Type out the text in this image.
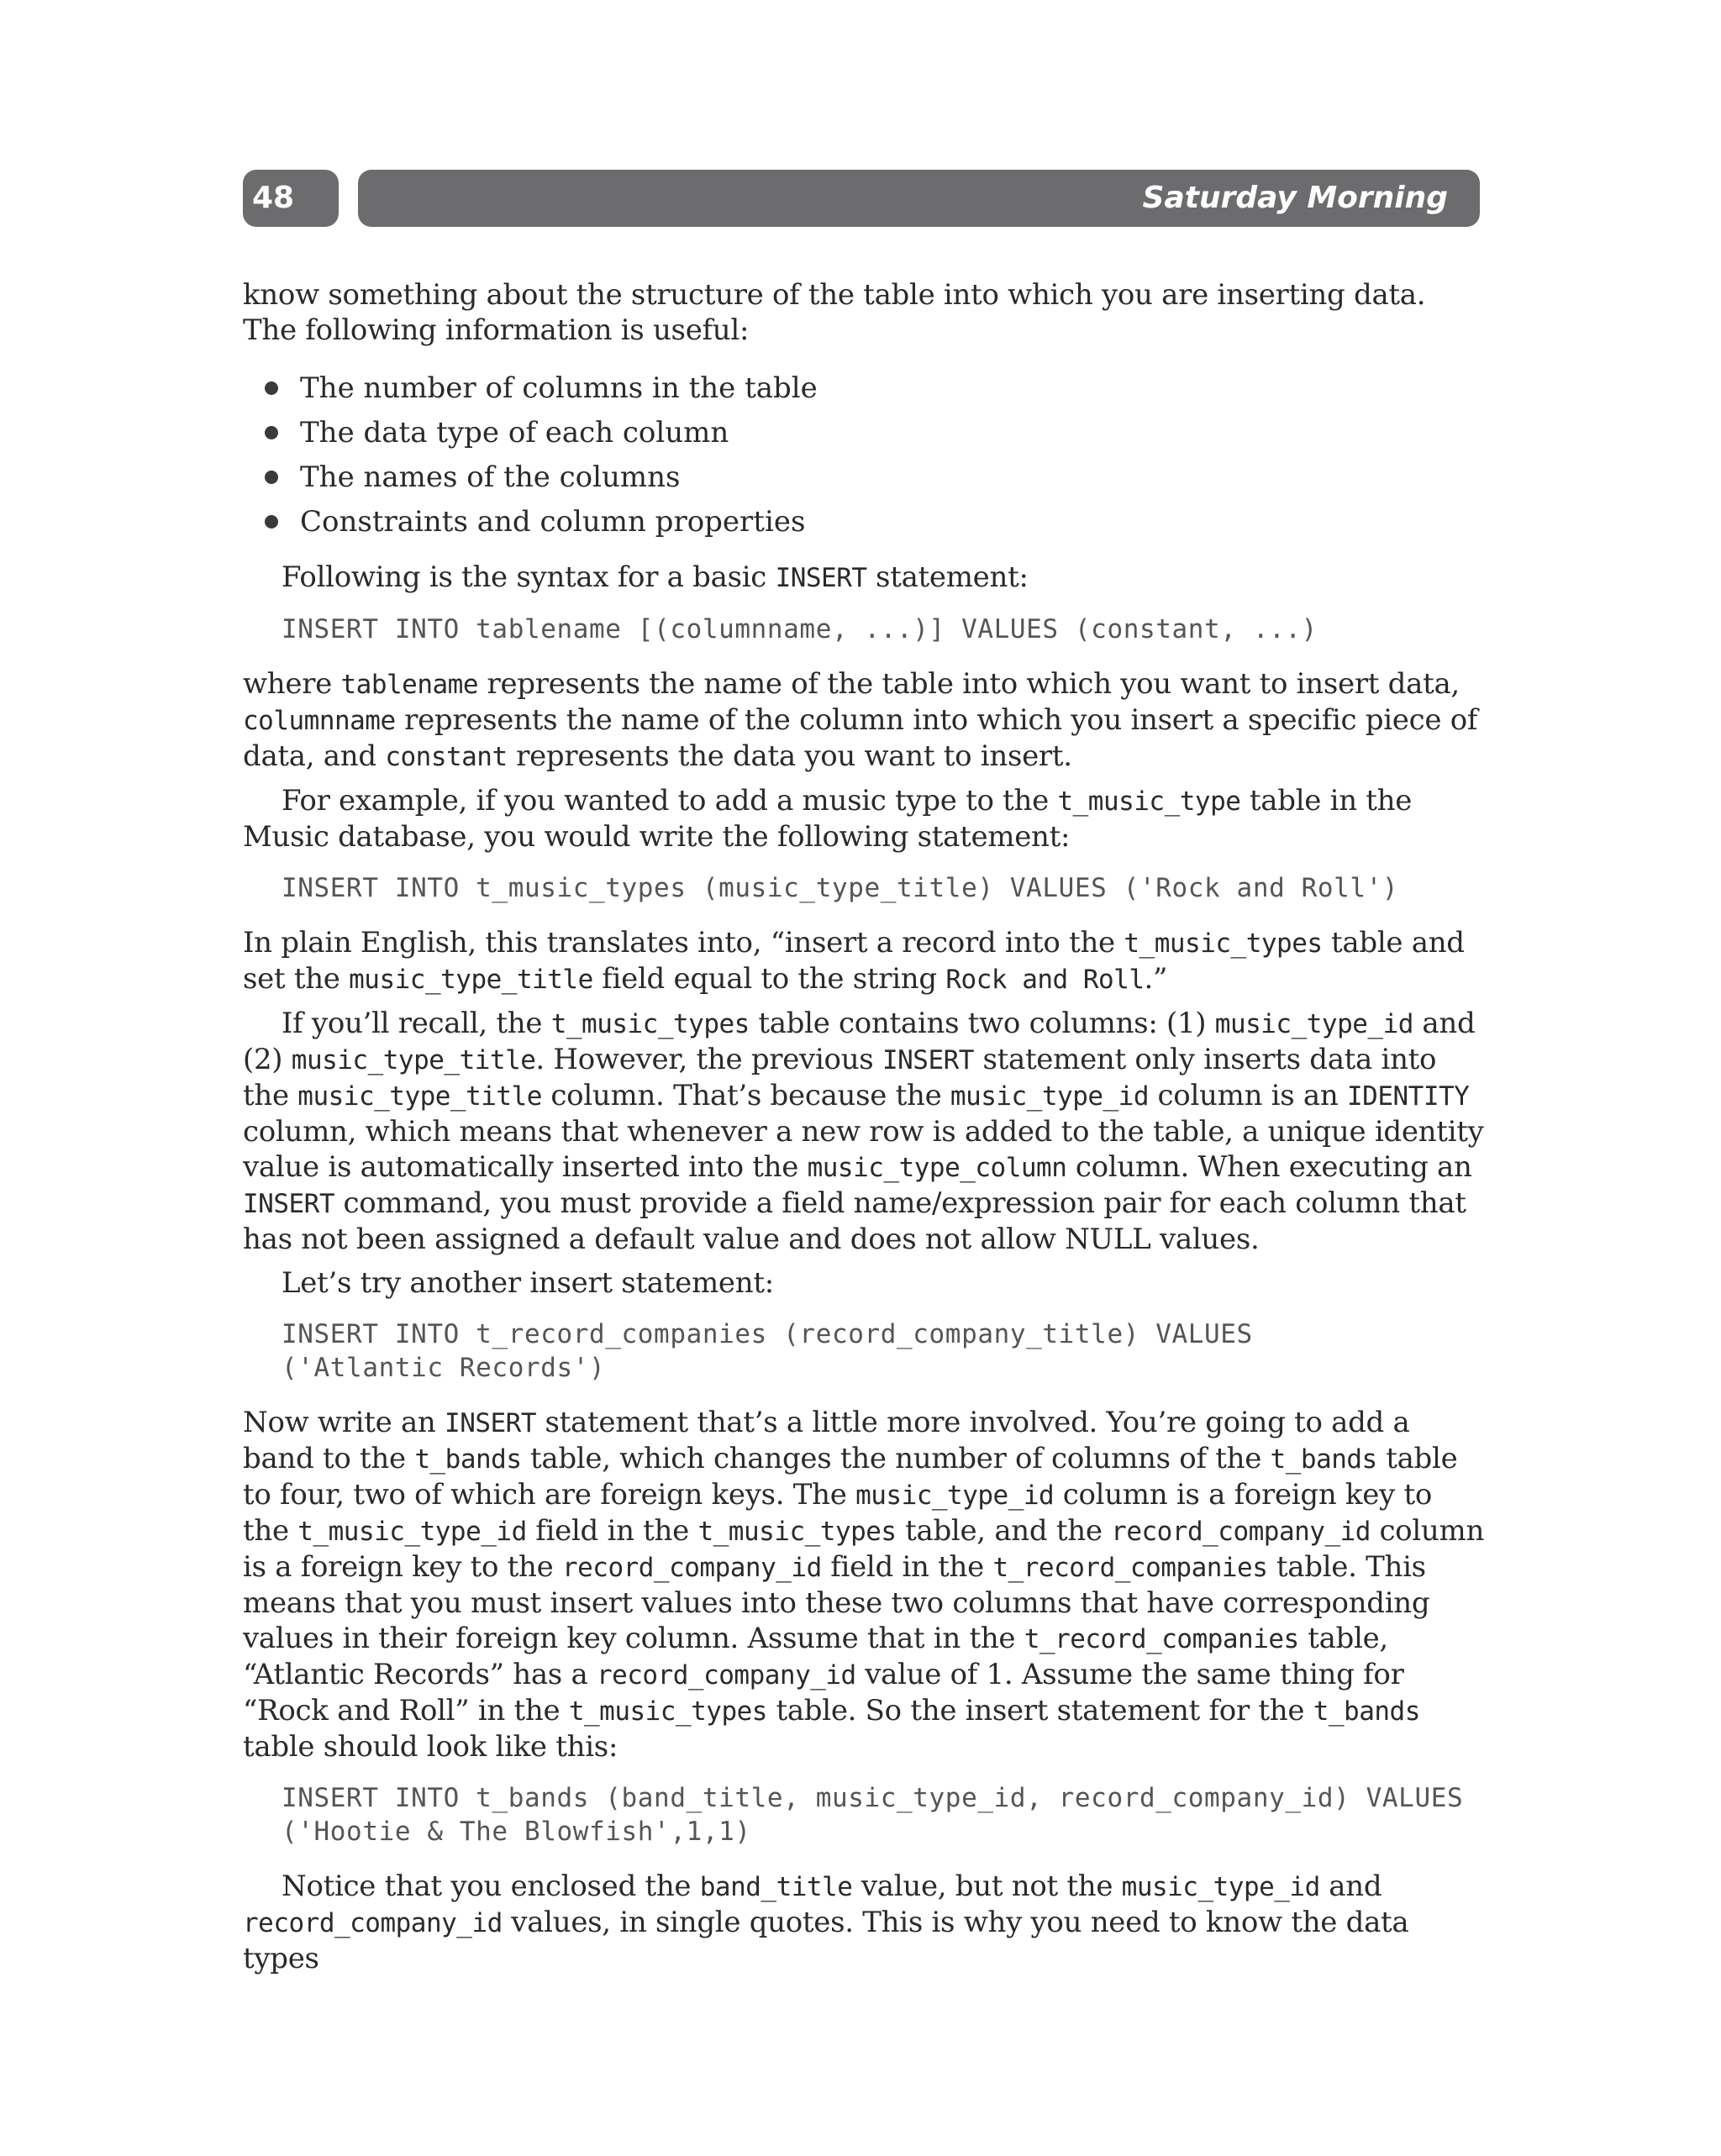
48	Saturday Morning

know something about the structure of the table into which you are inserting data. The following information is useful:

The number of columns in the table
The data type of each column
The names of the columns
Constraints and column properties

Following is the syntax for a basic INSERT statement:

INSERT INTO tablename [(columnname, ...)] VALUES (constant, ...)

where tablename represents the name of the table into which you want to insert data, columnname represents the name of the column into which you insert a specific piece of data, and constant represents the data you want to insert.

For example, if you wanted to add a music type to the t_music_type table in the Music database, you would write the following statement:

INSERT INTO t_music_types (music_type_title) VALUES ('Rock and Roll')

In plain English, this translates into, “insert a record into the t_music_types table and set the music_type_title field equal to the string Rock and Roll.”

If you’ll recall, the t_music_types table contains two columns: (1) music_type_id and (2) music_type_title. However, the previous INSERT statement only inserts data into the music_type_title column. That’s because the music_type_id column is an IDENTITY column, which means that whenever a new row is added to the table, a unique identity value is automatically inserted into the music_type_column column. When executing an INSERT command, you must provide a field name/expression pair for each column that has not been assigned a default value and does not allow NULL values.

Let’s try another insert statement:

INSERT INTO t_record_companies (record_company_title) VALUES
('Atlantic Records')

Now write an INSERT statement that’s a little more involved. You’re going to add a band to the t_bands table, which changes the number of columns of the t_bands table to four, two of which are foreign keys. The music_type_id column is a foreign key to the t_music_type_id field in the t_music_types table, and the record_company_id column is a foreign key to the record_company_id field in the t_record_companies table. This means that you must insert values into these two columns that have corresponding values in their foreign key column. Assume that in the t_record_companies table, “Atlantic Records” has a record_company_id value of 1. Assume the same thing for “Rock and Roll” in the t_music_types table. So the insert statement for the t_bands table should look like this:

INSERT INTO t_bands (band_title, music_type_id, record_company_id) VALUES
('Hootie & The Blowfish',1,1)

Notice that you enclosed the band_title value, but not the music_type_id and record_company_id values, in single quotes. This is why you need to know the data types
